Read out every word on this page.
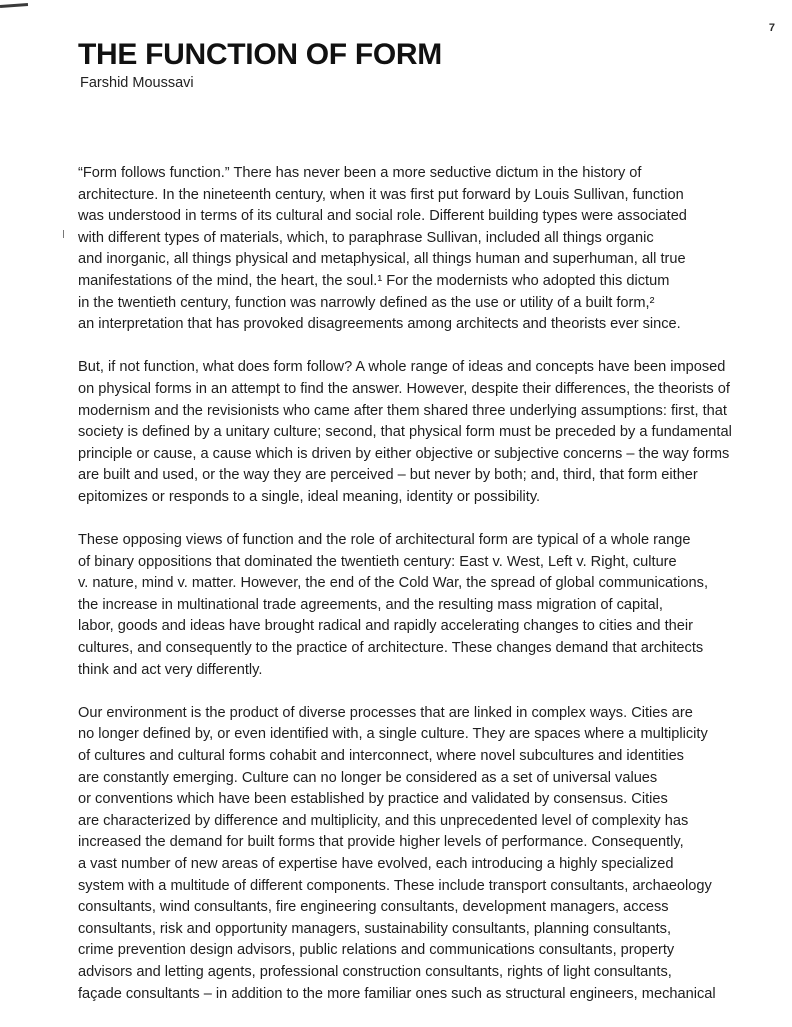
7
THE FUNCTION OF FORM
Farshid Moussavi

“Form follows function.” There has never been a more seductive dictum in the history of
architecture. In the nineteenth century, when it was first put forward by Louis Sullivan, function
was understood in terms of its cultural and social role. Different building types were associated
with different types of materials, which, to paraphrase Sullivan, included all things organic
and inorganic, all things physical and metaphysical, all things human and superhuman, all true
manifestations of the mind, the heart, the soul.¹ For the modernists who adopted this dictum
in the twentieth century, function was narrowly defined as the use or utility of a built form,²
an interpretation that has provoked disagreements among architects and theorists ever since.

But, if not function, what does form follow? A whole range of ideas and concepts have been imposed
on physical forms in an attempt to find the answer. However, despite their differences, the theorists of
modernism and the revisionists who came after them shared three underlying assumptions: first, that
society is defined by a unitary culture; second, that physical form must be preceded by a fundamental
principle or cause, a cause which is driven by either objective or subjective concerns – the way forms
are built and used, or the way they are perceived – but never by both; and, third, that form either
epitomizes or responds to a single, ideal meaning, identity or possibility.

These opposing views of function and the role of architectural form are typical of a whole range
of binary oppositions that dominated the twentieth century: East v. West, Left v. Right, culture
v. nature, mind v. matter. However, the end of the Cold War, the spread of global communications,
the increase in multinational trade agreements, and the resulting mass migration of capital,
labor, goods and ideas have brought radical and rapidly accelerating changes to cities and their
cultures, and consequently to the practice of architecture. These changes demand that architects
think and act very differently.

Our environment is the product of diverse processes that are linked in complex ways. Cities are
no longer defined by, or even identified with, a single culture. They are spaces where a multiplicity
of cultures and cultural forms cohabit and interconnect, where novel subcultures and identities
are constantly emerging. Culture can no longer be considered as a set of universal values
or conventions which have been established by practice and validated by consensus. Cities
are characterized by difference and multiplicity, and this unprecedented level of complexity has
increased the demand for built forms that provide higher levels of performance. Consequently,
a vast number of new areas of expertise have evolved, each introducing a highly specialized
system with a multitude of different components. These include transport consultants, archaeology
consultants, wind consultants, fire engineering consultants, development managers, access
consultants, risk and opportunity managers, sustainability consultants, planning consultants,
crime prevention design advisors, public relations and communications consultants, property
advisors and letting agents, professional construction consultants, rights of light consultants,
façade consultants – in addition to the more familiar ones such as structural engineers, mechanical
